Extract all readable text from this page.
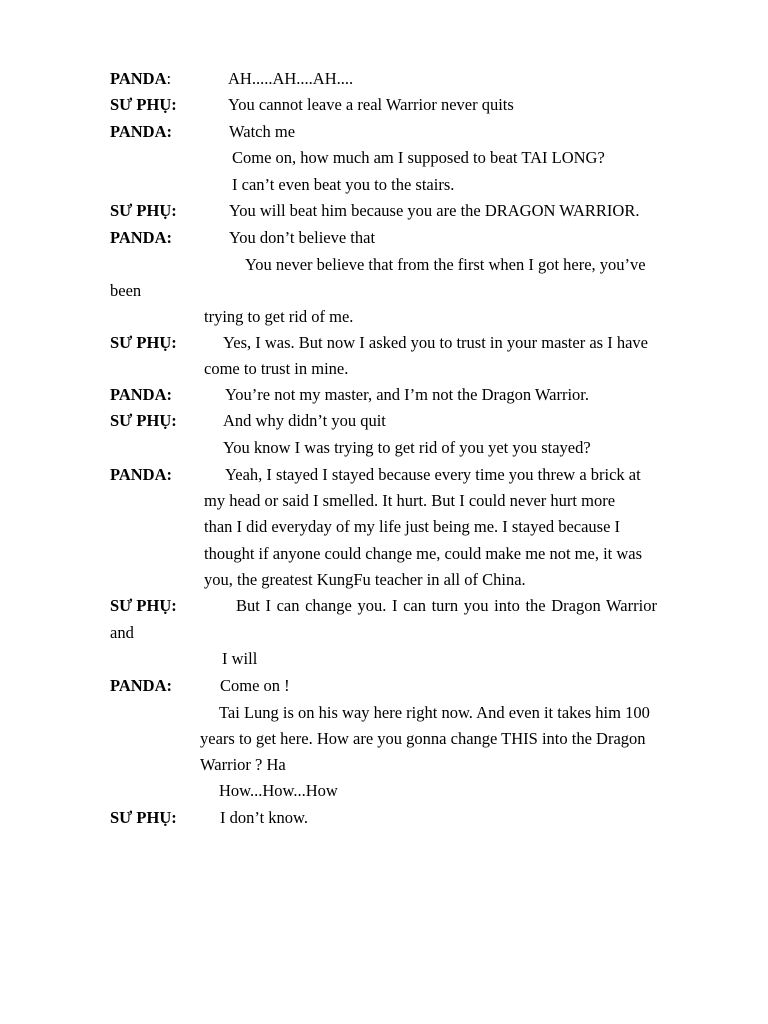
PANDA:	AH.....AH....AH....
SƯ PHỤ:	You cannot leave a real Warrior never quits
PANDA:	Watch me
Come on, how much am I supposed to beat TAI LONG?
I can’t even beat you to the stairs.
SƯ PHỤ:	You will beat him because you are the DRAGON WARRIOR.
PANDA:	You don’t believe that
You never believe that from the first when I got here, you’ve
been
trying to get rid of me.
SƯ PHỤ:	Yes, I was. But now I asked you to trust in your master as I have
come to trust in mine.
PANDA:	You’re not my master, and I’m not the Dragon Warrior.
SƯ PHỤ:	And why didn’t you quit
You know I was trying to get rid of you yet you stayed?
PANDA:	Yeah, I stayed I stayed because every time you threw a brick at
my head or said I smelled. It hurt. But I could never hurt more
than I did everyday of my life just being me. I stayed because I
thought if anyone could change me, could make me not me, it was
you, the greatest KungFu teacher in all of China.
SƯ PHỤ:	But I can change you. I can turn you into the Dragon Warrior
and
I will
PANDA:	Come on !
Tai Lung is on his way here right now. And even it takes him 100
years to get here. How are you gonna change THIS into the Dragon
Warrior ? Ha
How...How...How
SƯ PHỤ:	I don’t know.
